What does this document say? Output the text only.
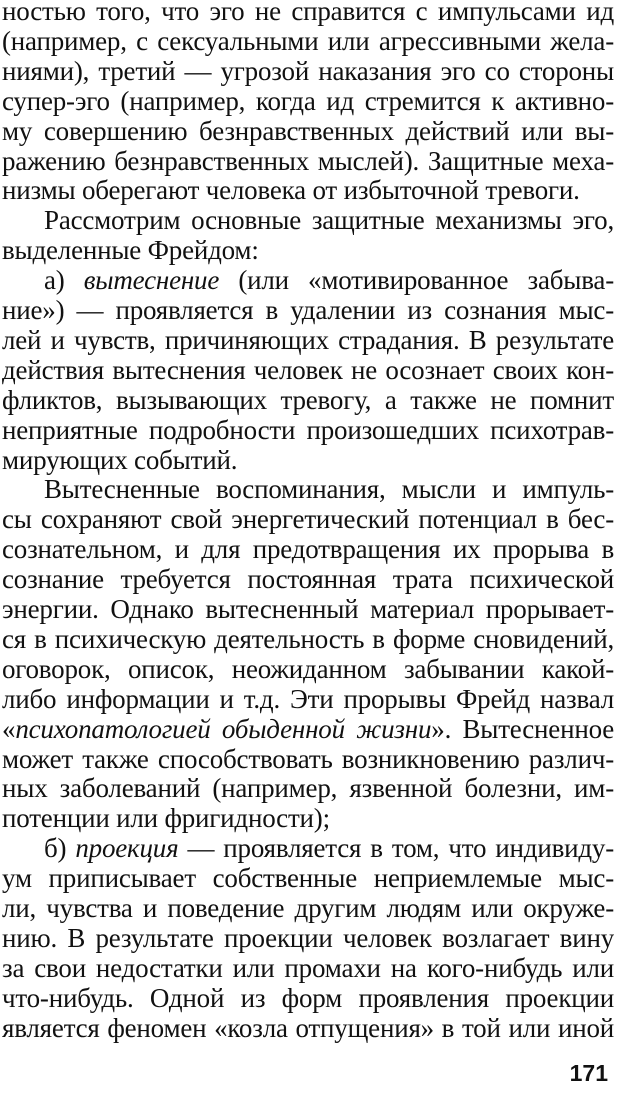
ностью того, что эго не справится с импульсами ид
(например, с сексуальными или агрессивными жела-
ниями), третий — угрозой наказания эго со стороны
супер-эго (например, когда ид стремится к активно-
му совершению безнравственных действий или вы-
ражению безнравственных мыслей). Защитные меха-
низмы оберегают человека от избыточной тревоги.
Рассмотрим основные защитные механизмы эго,
выделенные Фрейдом:
а) вытеснение (или «мотивированное забыва-
ние») — проявляется в удалении из сознания мыс-
лей и чувств, причиняющих страдания. В результате
действия вытеснения человек не осознает своих кон-
фликтов, вызывающих тревогу, а также не помнит
неприятные подробности произошедших психотрав-
мирующих событий.
Вытесненные воспоминания, мысли и импуль-
сы сохраняют свой энергетический потенциал в бес-
сознательном, и для предотвращения их прорыва в
сознание требуется постоянная трата психической
энергии. Однако вытесненный материал прорывает-
ся в психическую деятельность в форме сновидений,
оговорок, описок, неожиданном забывании какой-
либо информации и т.д. Эти прорывы Фрейд назвал
«психопатологией обыденной жизни». Вытесненное
может также способствовать возникновению различ-
ных заболеваний (например, язвенной болезни, им-
потенции или фригидности);
б) проекция — проявляется в том, что индивиду-
ум приписывает собственные неприемлемые мыс-
ли, чувства и поведение другим людям или окруже-
нию. В результате проекции человек возлагает вину
за свои недостатки или промахи на кого-нибудь или
что-нибудь. Одной из форм проявления проекции
является феномен «козла отпущения» в той или иной
171
